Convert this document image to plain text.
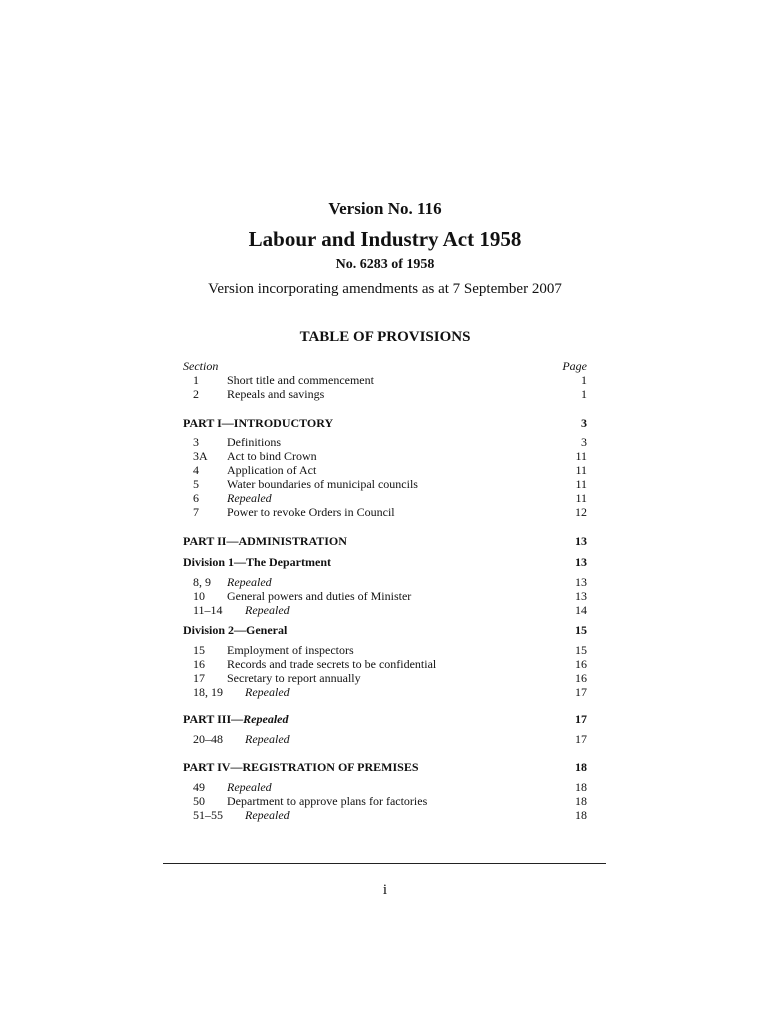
Version No. 116
Labour and Industry Act 1958
No. 6283 of 1958
Version incorporating amendments as at 7 September 2007
TABLE OF PROVISIONS
Section	Page
1	Short title and commencement	1
2	Repeals and savings	1
PART I—INTRODUCTORY	3
3	Definitions	3
3A	Act to bind Crown	11
4	Application of Act	11
5	Water boundaries of municipal councils	11
6	Repealed	11
7	Power to revoke Orders in Council	12
PART II—ADMINISTRATION	13
Division 1—The Department	13
8, 9	Repealed	13
10	General powers and duties of Minister	13
11–14 Repealed	14
Division 2—General	15
15	Employment of inspectors	15
16	Records and trade secrets to be confidential	16
17	Secretary to report annually	16
18, 19 Repealed	17
PART III—Repealed	17
20–48 Repealed	17
PART IV—REGISTRATION OF PREMISES	18
49	Repealed	18
50	Department to approve plans for factories	18
51–55 Repealed	18
i
